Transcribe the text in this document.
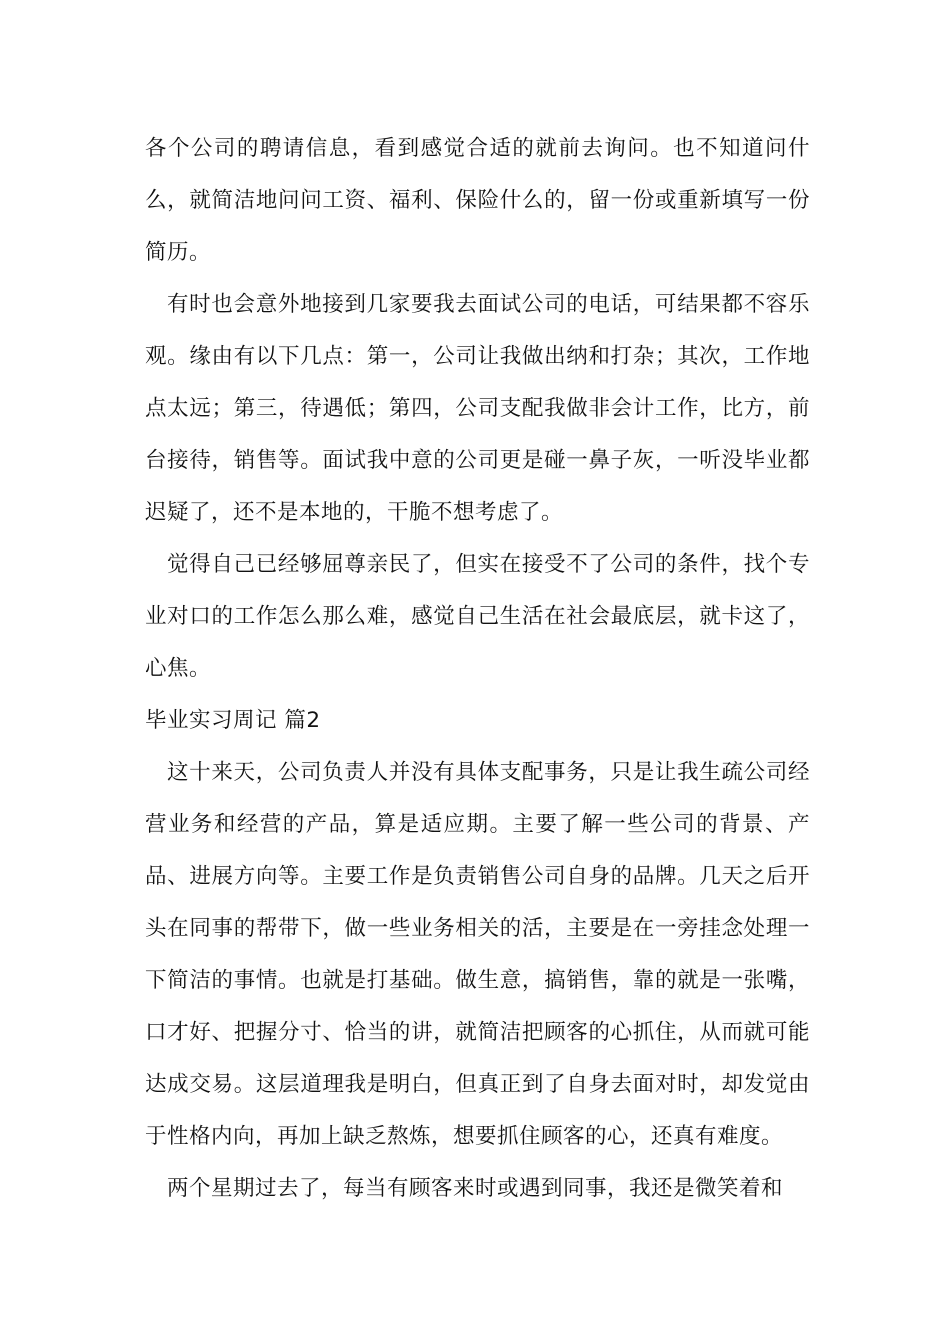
各个公司的聘请信息，看到感觉合适的就前去询问。也不知道问什么，就简洁地问问工资、福利、保险什么的，留一份或重新填写一份简历。

有时也会意外地接到几家要我去面试公司的电话，可结果都不容乐观。缘由有以下几点：第一，公司让我做出纳和打杂；其次，工作地点太远；第三，待遇低；第四，公司支配我做非会计工作，比方，前台接待，销售等。面试我中意的公司更是碰一鼻子灰，一听没毕业都迟疑了，还不是本地的，干脆不想考虑了。

觉得自己已经够屈尊亲民了，但实在接受不了公司的条件，找个专业对口的工作怎么那么难，感觉自己生活在社会最底层，就卡这了，心焦。

毕业实习周记 篇2

这十来天，公司负责人并没有具体支配事务，只是让我生疏公司经营业务和经营的产品，算是适应期。主要了解一些公司的背景、产品、进展方向等。主要工作是负责销售公司自身的品牌。几天之后开头在同事的帮带下，做一些业务相关的活，主要是在一旁挂念处理一下简洁的事情。也就是打基础。做生意，搞销售，靠的就是一张嘴，口才好、把握分寸、恰当的讲，就简洁把顾客的心抓住，从而就可能达成交易。这层道理我是明白，但真正到了自身去面对时，却发觉由于性格内向，再加上缺乏熬炼，想要抓住顾客的心，还真有难度。

两个星期过去了，每当有顾客来时或遇到同事，我还是微笑着和
